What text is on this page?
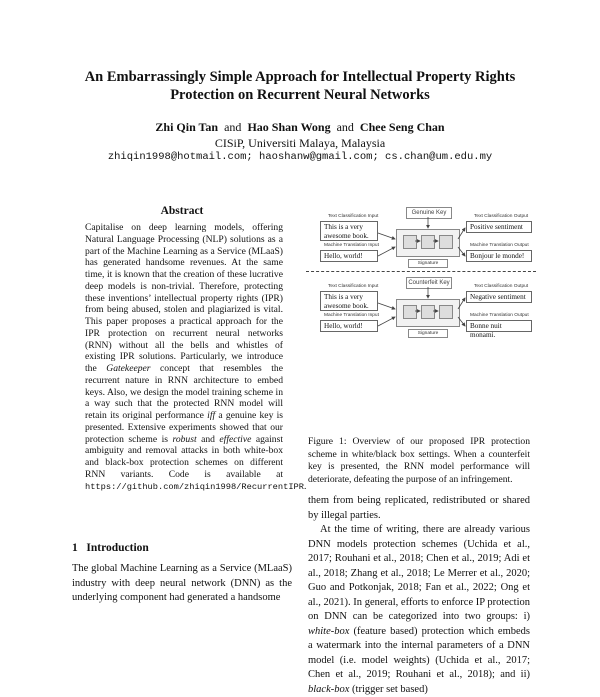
An Embarrassingly Simple Approach for Intellectual Property Rights
Protection on Recurrent Neural Networks
Zhi Qin Tan and Hao Shan Wong and Chee Seng Chan
CISiP, Universiti Malaya, Malaysia
zhiqin1998@hotmail.com; haoshanw@gmail.com; cs.chan@um.edu.my
Abstract
Capitalise on deep learning models, offering Natural Language Processing (NLP) solutions as a part of the Machine Learning as a Service (MLaaS) has generated handsome revenues. At the same time, it is known that the creation of these lucrative deep models is non-trivial. Therefore, protecting these inventions’ intellectual property rights (IPR) from being abused, stolen and plagiarized is vital. This paper proposes a practical approach for the IPR protection on recurrent neural networks (RNN) without all the bells and whistles of existing IPR solutions. Particularly, we introduce the Gatekeeper concept that resembles the recurrent nature in RNN architecture to embed keys. Also, we design the model training scheme in a way such that the protected RNN model will retain its original performance iff a genuine key is presented. Extensive experiments showed that our protection scheme is robust and effective against ambiguity and removal attacks in both white-box and black-box protection schemes on different RNN variants. Code is available at https://github.com/zhiqin1998/RecurrentIPR.
1 Introduction
The global Machine Learning as a Service (MLaaS) industry with deep neural network (DNN) as the underlying component had generated a handsome
Genuine Key
Text Classification Input
This is a very awesome book.
Machine Translation Input
Hello, world!
Signature
Text Classification Output
Positive sentiment
Machine Translation Output
Bonjour le monde!
Counterfeit Key
Text Classification Input
This is a very awesome book.
Machine Translation Input
Hello, world!
Signature
Text Classification Output
Negative sentiment
Machine Translation Output
Bonne nuit monami.
Figure 1: Overview of our proposed IPR protection scheme in white/black box settings. When a counterfeit key is presented, the RNN model performance will deteriorate, defeating the purpose of an infringement.

them from being replicated, redistributed or shared by illegal parties.

At the time of writing, there are already various DNN models protection schemes (Uchida et al., 2017; Rouhani et al., 2018; Chen et al., 2019; Adi et al., 2018; Zhang et al., 2018; Le Merrer et al., 2020; Guo and Potkonjak, 2018; Fan et al., 2022; Ong et al., 2021). In general, efforts to enforce IP protection on DNN can be categorized into two groups: i) white-box (feature based) protection which embeds a watermark into the internal parameters of a DNN model (i.e. model weights) (Uchida et al., 2017; Chen et al., 2019; Rouhani et al., 2018); and ii) black-box (trigger set based)
